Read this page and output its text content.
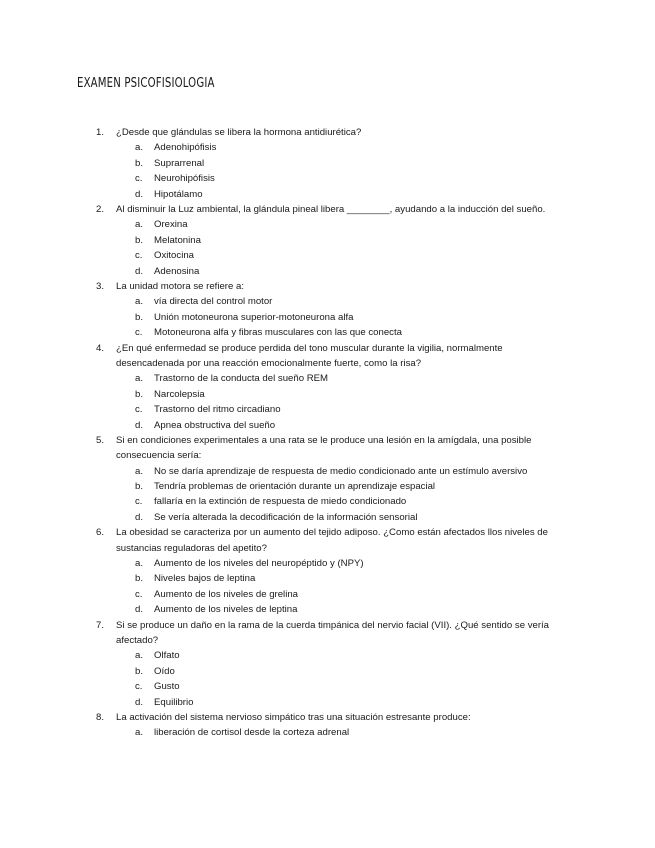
EXAMEN PSICOFISIOLOGIA
1. ¿Desde que glándulas se libera la hormona antidiurética?
a. Adenohipófisis
b. Suprarrenal
c. Neurohipófisis
d. Hipotálamo
2. Al disminuir la Luz ambiental, la glándula pineal libera ________, ayudando a la inducción del sueño.
a. Orexina
b. Melatonina
c. Oxitocina
d. Adenosina
3. La unidad motora se refiere a:
a. vía directa del control motor
b. Unión motoneurona superior-motoneurona alfa
c. Motoneurona alfa y fibras musculares con las que conecta
4. ¿En qué enfermedad se produce perdida del tono muscular durante la vigilia, normalmente desencadenada por una reacción emocionalmente fuerte, como la risa?
a. Trastorno de la conducta del sueño REM
b. Narcolepsia
c. Trastorno del ritmo circadiano
d. Apnea obstructiva del sueño
5. Si en condiciones experimentales a una rata se le produce una lesión en la amígdala, una posible consecuencia sería:
a. No se daría aprendizaje de respuesta de medio condicionado ante un estímulo aversivo
b. Tendría problemas de orientación durante un aprendizaje espacial
c. fallaría en la extinción de respuesta de miedo condicionado
d. Se vería alterada la decodificación de la información sensorial
6. La obesidad se caracteriza por un aumento del tejido adiposo. ¿Como están afectados llos niveles de sustancias reguladoras del apetito?
a. Aumento de los niveles del neuropéptido y (NPY)
b. Niveles bajos de leptina
c. Aumento de los niveles de grelina
d. Aumento de los niveles de leptina
7. Si se produce un daño en la rama de la cuerda timpánica del nervio facial (VII). ¿Qué sentido se vería afectado?
a. Olfato
b. Oído
c. Gusto
d. Equilibrio
8. La activación del sistema nervioso simpático tras una situación estresante produce:
a. liberación de cortisol desde la corteza adrenal
